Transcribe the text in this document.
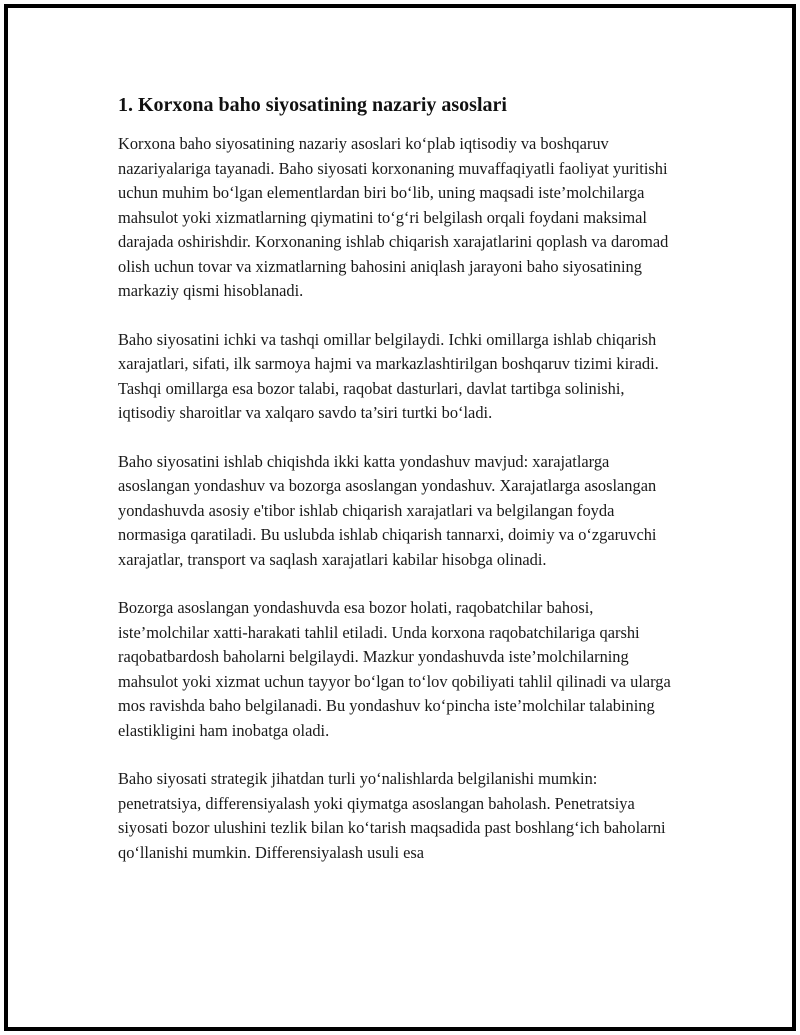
1. Korxona baho siyosatining nazariy asoslari

Korxona baho siyosatining nazariy asoslari koʻplab iqtisodiy va boshqaruv nazariyalariga tayanadi. Baho siyosati korxonaning muvaffaqiyatli faoliyat yuritishi uchun muhim boʻlgan elementlardan biri boʻlib, uning maqsadi iste’molchilarga mahsulot yoki xizmatlarning qiymatini toʻgʻri belgilash orqali foydani maksimal darajada oshirishdir. Korxonaning ishlab chiqarish xarajatlarini qoplash va daromad olish uchun tovar va xizmatlarning bahosini aniqlash jarayoni baho siyosatining markaziy qismi hisoblanadi.

Baho siyosatini ichki va tashqi omillar belgilaydi. Ichki omillarga ishlab chiqarish xarajatlari, sifati, ilk sarmoya hajmi va markazlashtirilgan boshqaruv tizimi kiradi. Tashqi omillarga esa bozor talabi, raqobat dasturlari, davlat tartibga solinishi, iqtisodiy sharoitlar va xalqaro savdo ta’siri turtki boʻladi.

Baho siyosatini ishlab chiqishda ikki katta yondashuv mavjud: xarajatlarga asoslangan yondashuv va bozorga asoslangan yondashuv. Xarajatlarga asoslangan yondashuvda asosiy e'tibor ishlab chiqarish xarajatlari va belgilangan foyda normasiga qaratiladi. Bu uslubda ishlab chiqarish tannarxi, doimiy va oʻzgaruvchi xarajatlar, transport va saqlash xarajatlari kabilar hisobga olinadi.

Bozorga asoslangan yondashuvda esa bozor holati, raqobatchilar bahosi, iste’molchilar xatti-harakati tahlil etiladi. Unda korxona raqobatchilariga qarshi raqobatbardosh baholarni belgilaydi. Mazkur yondashuvda iste’molchilarning mahsulot yoki xizmat uchun tayyor boʻlgan toʻlov qobiliyati tahlil qilinadi va ularga mos ravishda baho belgilanadi. Bu yondashuv koʻpincha iste’molchilar talabining elastikligini ham inobatga oladi.

Baho siyosati strategik jihatdan turli yoʻnalishlarda belgilanishi mumkin: penetratsiya, differensiyalash yoki qiymatga asoslangan baholash. Penetratsiya siyosati bozor ulushini tezlik bilan koʻtarish maqsadida past boshlangʻich baholarni qoʻllanishi mumkin. Differensiyalash usuli esa
